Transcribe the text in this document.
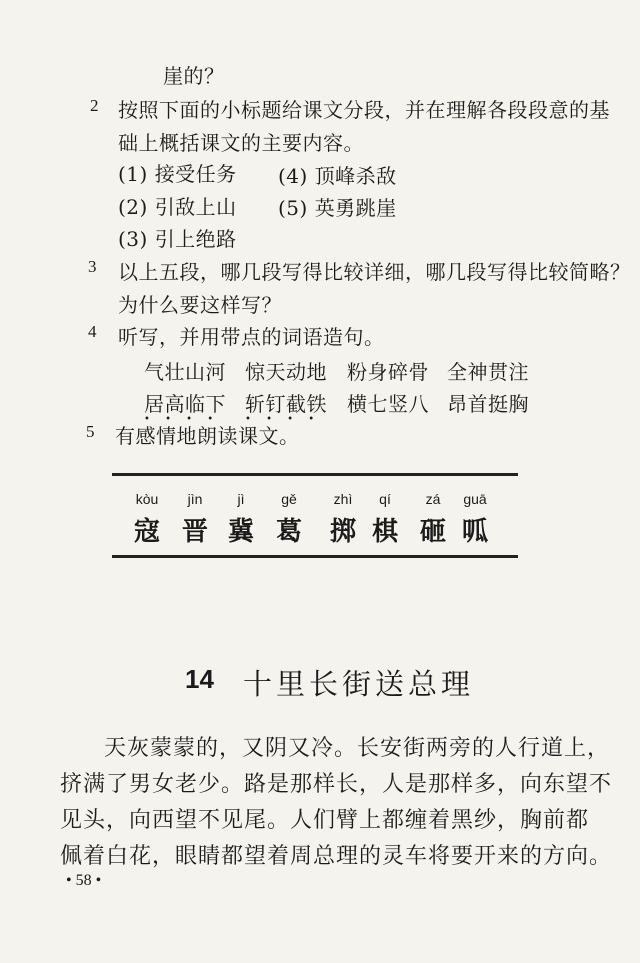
崖的？
2 按照下面的小标题给课文分段，并在理解各段段意的基
础上概括课文的主要内容。
(1) 接受任务 (4) 顶峰杀敌
(2) 引敌上山 (5) 英勇跳崖
(3) 引上绝路
3 以上五段，哪几段写得比较详细，哪几段写得比较简略？
为什么要这样写？
4 听写，并用带点的词语造句。
气壮山河 惊天动地 粉身碎骨 全神贯注
居高临下
• • • •
斩钉截铁
• • • •
横七竖八 昂首挺胸
5 有感情地朗读课文。
kòu	jìn	jì	gě	zhì	qí	zá	guā
寇 晋 冀 葛	掷 棋 砸 呱
14 十里长街送总理
天灰蒙蒙的，又阴又冷。长安街两旁的人行道上，
挤满了男女老少。路是那样长，人是那样多，向东望不
见头，向西望不见尾。人们臂上都缠着黑纱，胸前都
佩着白花，眼睛都望着周总理的灵车将要开来的方向。
• 58 •
